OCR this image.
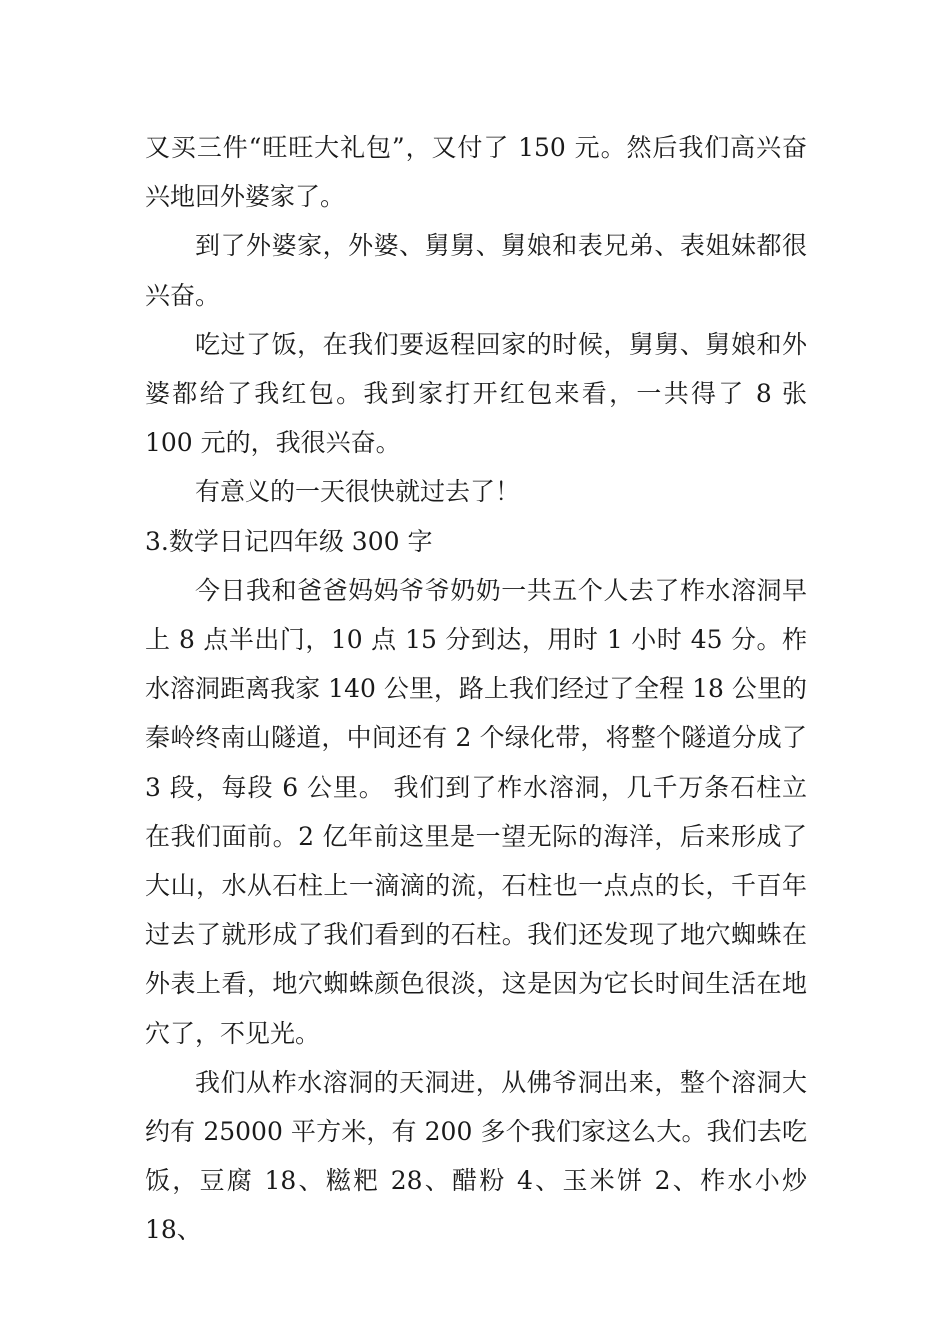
又买三件“旺旺大礼包”，又付了 150 元。然后我们高兴奋兴地回外婆家了。

到了外婆家，外婆、舅舅、舅娘和表兄弟、表姐妹都很兴奋。

吃过了饭，在我们要返程回家的时候，舅舅、舅娘和外婆都给了我红包。我到家打开红包来看，一共得了 8 张 100 元的，我很兴奋。

有意义的一天很快就过去了！

3.数学日记四年级 300 字

今日我和爸爸妈妈爷爷奶奶一共五个人去了柞水溶洞早上 8 点半出门，10 点 15 分到达，用时 1 小时 45 分。柞水溶洞距离我家 140 公里，路上我们经过了全程 18 公里的秦岭终南山隧道，中间还有 2 个绿化带，将整个隧道分成了 3 段，每段 6 公里。 我们到了柞水溶洞，几千万条石柱立在我们面前。2 亿年前这里是一望无际的海洋，后来形成了大山，水从石柱上一滴滴的流，石柱也一点点的长，千百年过去了就形成了我们看到的石柱。我们还发现了地穴蜘蛛在外表上看，地穴蜘蛛颜色很淡，这是因为它长时间生活在地穴了，不见光。

我们从柞水溶洞的天洞进，从佛爷洞出来，整个溶洞大约有 25000 平方米，有 200 多个我们家这么大。我们去吃饭，豆腐 18、糍粑 28、醋粉 4、玉米饼 2、柞水小炒 18、
